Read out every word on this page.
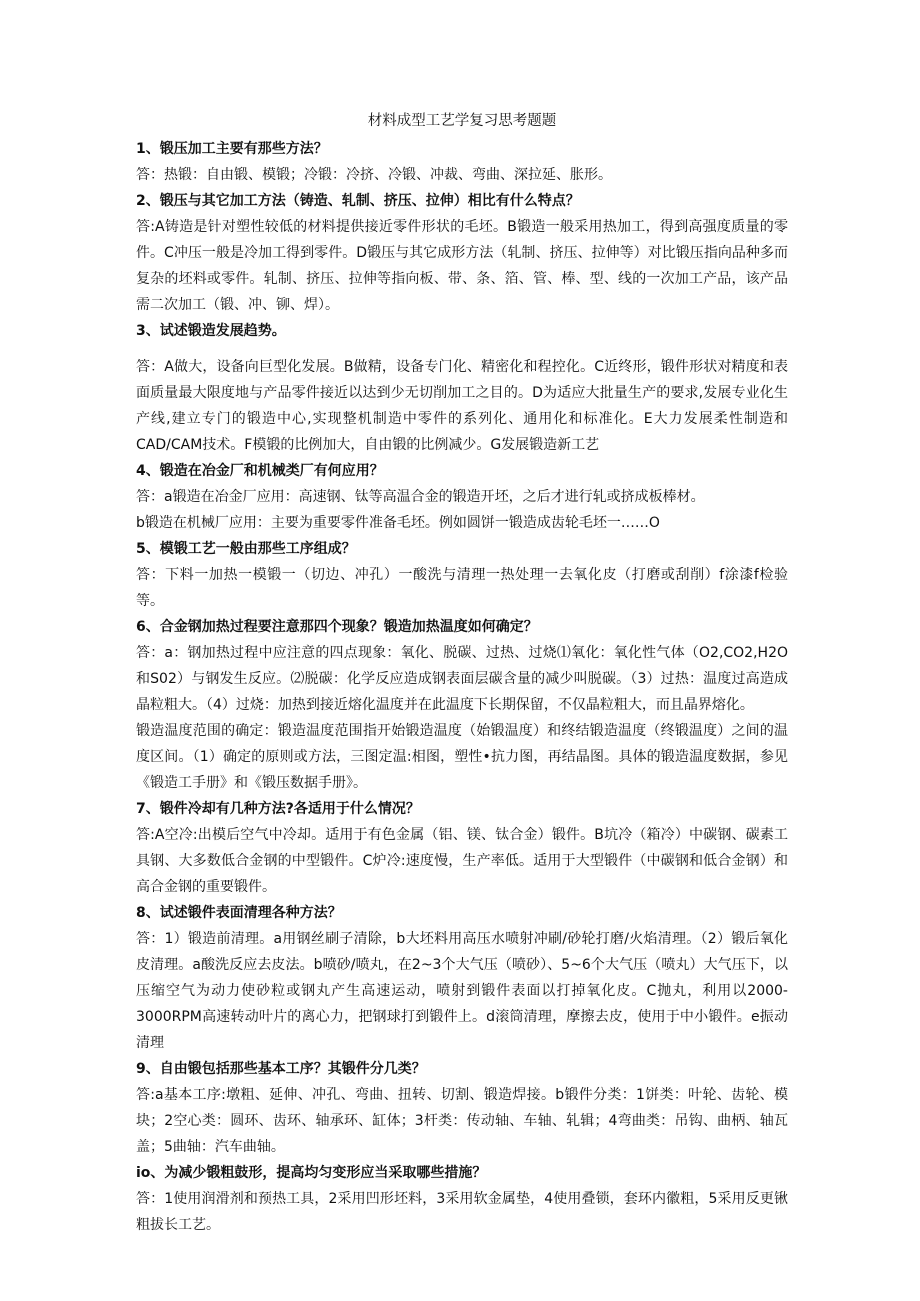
材料成型工艺学复习思考题题

1、锻压加工主要有那些方法？

答：热锻：自由锻、模锻；冷锻：冷挤、冷锻、冲裁、弯曲、深拉延、胀形。

2、锻压与其它加工方法（铸造、轧制、挤压、拉伸）相比有什么特点？

答:A铸造是针对塑性较低的材料提供接近零件形状的毛坯。B锻造一般采用热加工，得到高强度质量的零件。C冲压一般是冷加工得到零件。D锻压与其它成形方法（轧制、挤压、拉伸等）对比锻压指向品种多而复杂的坯料或零件。轧制、挤压、拉伸等指向板、带、条、箔、管、棒、型、线的一次加工产品，该产品需二次加工（锻、冲、铆、焊）。

3、试述锻造发展趋势。

答：A做大，设备向巨型化发展。B做精，设备专门化、精密化和程控化。C近终形，锻件形状对精度和表面质量最大限度地与产品零件接近以达到少无切削加工之目的。D为适应大批量生产的要求,发展专业化生产线,建立专门的锻造中心,实现整机制造中零件的系列化、通用化和标准化。E大力发展柔性制造和CAD/CAM技术。F模锻的比例加大，自由锻的比例减少。G发展锻造新工艺

4、锻造在冶金厂和机械类厂有何应用？

答：a锻造在冶金厂应用：高速钢、钛等高温合金的锻造开坯，之后才进行轧或挤成板棒材。

b锻造在机械厂应用：主要为重要零件准备毛坯。例如圆饼一锻造成齿轮毛坯一……O

5、模锻工艺一般由那些工序组成？

答：下料一加热一模锻一（切边、冲孔）一酸洗与清理一热处理一去氧化皮（打磨或刮削）f涂漆f检验等。

6、合金钢加热过程要注意那四个现象？锻造加热温度如何确定？

答：a：钢加热过程中应注意的四点现象：氧化、脱碳、过热、过烧⑴氧化：氧化性气体（O2,CO2,H2O和S02）与钢发生反应。⑵脱碳：化学反应造成钢表面层碳含量的减少叫脱碳。（3）过热：温度过高造成晶粒粗大。（4）过烧：加热到接近熔化温度并在此温度下长期保留，不仅晶粒粗大，而且晶界熔化。

锻造温度范围的确定：锻造温度范围指开始锻造温度（始锻温度）和终结锻造温度（终锻温度）之间的温度区间。（1）确定的原则或方法，三图定温:相图，塑性•抗力图，再结晶图。具体的锻造温度数据，参见《锻造工手册》和《锻压数据手册》。

7、锻件冷却有几种方法?各适用于什么情况？

答:A空冷:出模后空气中冷却。适用于有色金属（铝、镁、钛合金）锻件。B坑冷（箱冷）中碳钢、碳素工具钢、大多数低合金钢的中型锻件。C炉冷:速度慢，生产率低。适用于大型锻件（中碳钢和低合金钢）和高合金钢的重要锻件。

8、试述锻件表面清理各种方法？

答：1）锻造前清理。a用钢丝刷子清除，b大坯料用高压水喷射冲刷/砂轮打磨/火焰清理。（2）锻后氧化皮清理。a酸洗反应去皮法。b喷砂/喷丸，在2~3个大气压（喷砂）、5~6个大气压（喷丸）大气压下，以压缩空气为动力使砂粒或钢丸产生高速运动，喷射到锻件表面以打掉氧化皮。C抛丸，利用以2000-3000RPM高速转动叶片的离心力，把钢球打到锻件上。d滚筒清理，摩擦去皮，使用于中小锻件。e振动清理

9、自由锻包括那些基本工序？其锻件分几类？

答:a基本工序:墩粗、延伸、冲孔、弯曲、扭转、切割、锻造焊接。b锻件分类：1饼类：叶轮、齿轮、模块；2空心类：圆环、齿环、轴承环、缸体；3杆类：传动轴、车轴、轧辑；4弯曲类：吊钩、曲柄、轴瓦盖；5曲轴：汽车曲轴。

io、为减少锻粗鼓形，提高均匀变形应当采取哪些措施？

答：1使用润滑剂和预热工具，2采用凹形坯料，3采用软金属垫，4使用叠锁，套环内徽粗，5采用反更锹粗拔长工艺。
